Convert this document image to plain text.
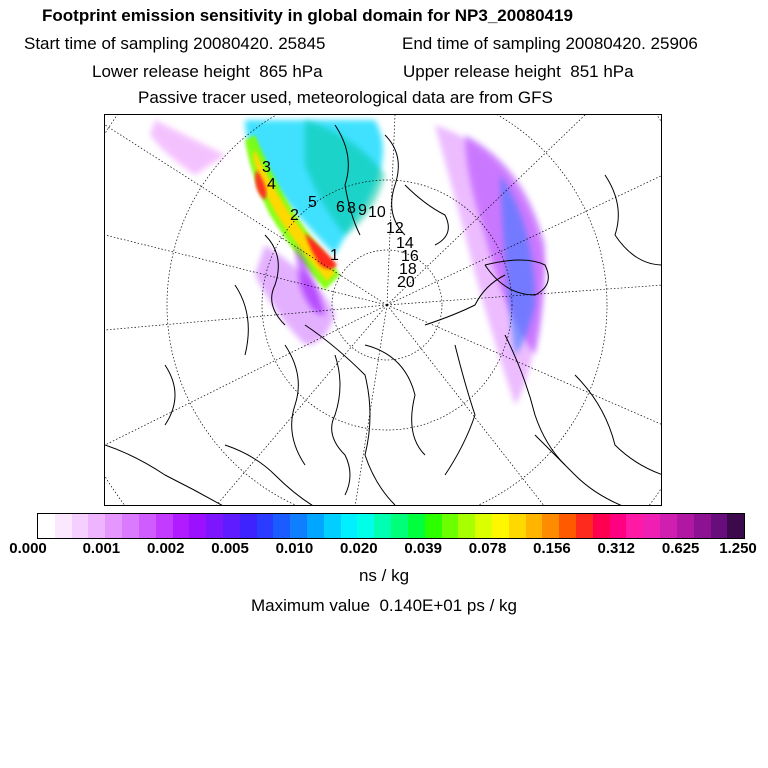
Footprint emission sensitivity in global domain for NP3_20080419
Start time of sampling 20080420. 25845	End time of sampling 20080420. 25906
Lower release height  865 hPa	Upper release height  851 hPa
Passive tracer used, meteorological data are from GFS
1
2
3
4
5 6 8 9 10
12
14
16
18
20
0.000 0.001 0.002 0.005 0.010 0.020 0.039 0.078 0.156 0.312 0.625 1.250
ns / kg
Maximum value  0.140E+01 ps / kg
